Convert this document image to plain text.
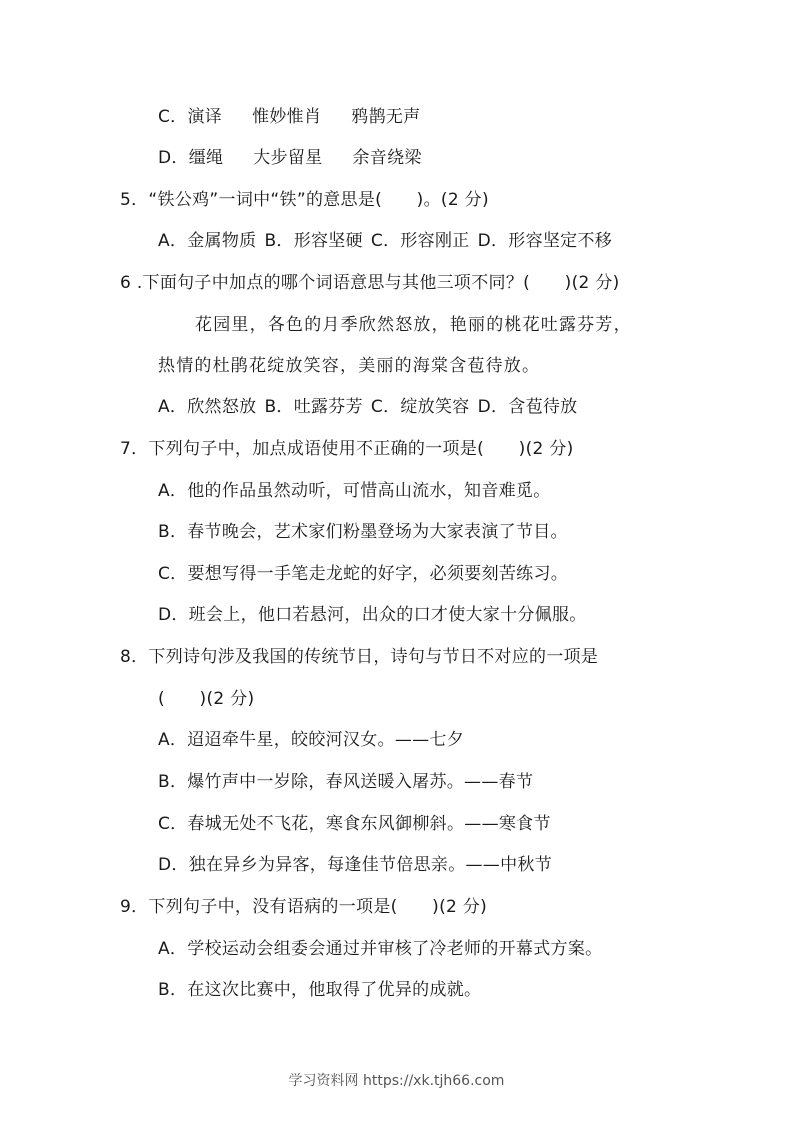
C．演译 惟妙惟肖 鸦鹊无声
D．缰绳 大步留星 余音绕梁
5．“铁公鸡”一词中“铁”的意思是(　　)。(2 分)
A．金属物质 B．形容坚硬 C．形容刚正 D．形容坚定不移
6 .下面句子中加点的哪个词语意思与其他三项不同？(　　)(2 分)
花园里，各色的月季欣然怒放，艳丽的桃花吐露芬芳，
热情的杜鹃花绽放笑容，美丽的海棠含苞待放。
A．欣然怒放 B．吐露芬芳 C．绽放笑容 D．含苞待放
7．下列句子中，加点成语使用不正确的一项是(　　)(2 分)
A．他的作品虽然动听，可惜高山流水，知音难觅。
B．春节晚会，艺术家们粉墨登场为大家表演了节目。
C．要想写得一手笔走龙蛇的好字，必须要刻苦练习。
D．班会上，他口若悬河，出众的口才使大家十分佩服。
8．下列诗句涉及我国的传统节日，诗句与节日不对应的一项是
(　　)(2 分)
A．迢迢牵牛星，皎皎河汉女。——七夕
B．爆竹声中一岁除，春风送暖入屠苏。——春节
C．春城无处不飞花，寒食东风御柳斜。——寒食节
D．独在异乡为异客，每逢佳节倍思亲。——中秋节
9．下列句子中，没有语病的一项是(　　)(2 分)
A．学校运动会组委会通过并审核了冷老师的开幕式方案。
B．在这次比赛中，他取得了优异的成就。
学习资料网 https://xk.tjh66.com
